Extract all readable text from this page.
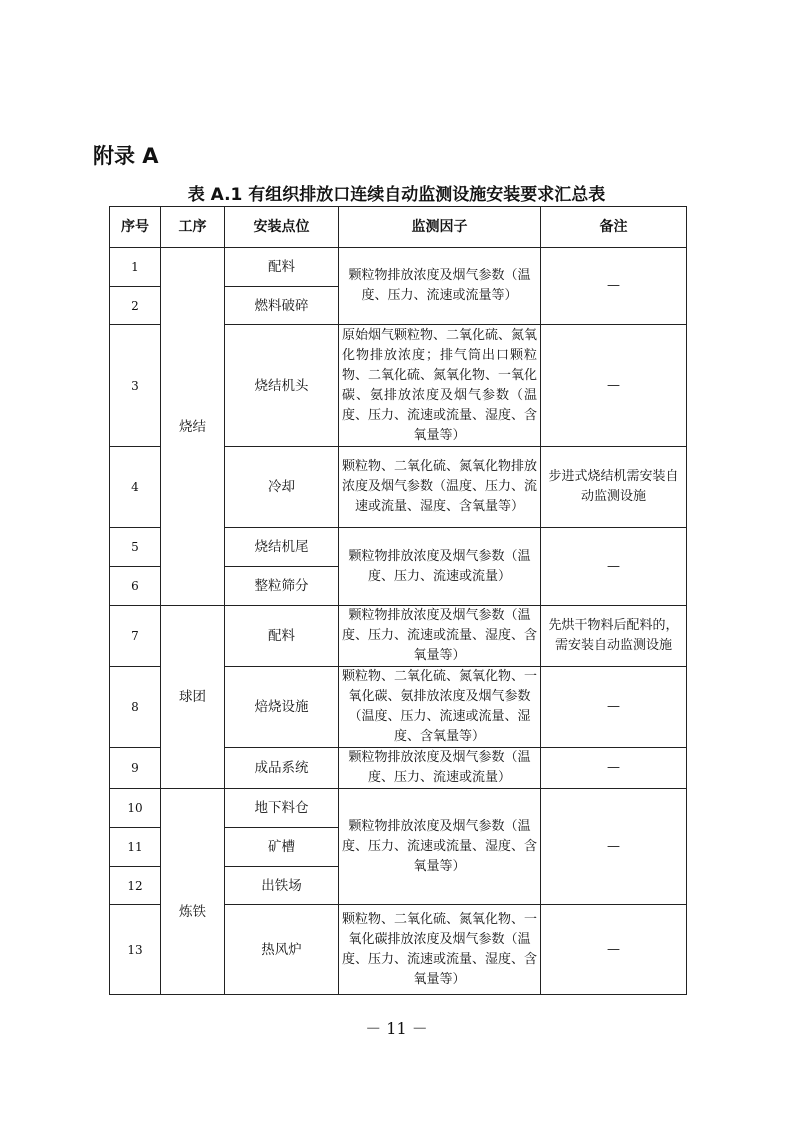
附录 A
表 A.1 有组织排放口连续自动监测设施安装要求汇总表
序号	工序	安装点位	监测因子	备注
1	烧结	配料	颗粒物排放浓度及烟气参数（温度、压力、流速或流量等）	—
2		燃料破碎		
3		烧结机头	原始烟气颗粒物、二氧化硫、氮氧化物排放浓度；排气筒出口颗粒物、二氧化硫、氮氧化物、一氧化碳、氨排放浓度及烟气参数（温度、压力、流速或流量、湿度、含氧量等）	—
4		冷却	颗粒物、二氧化硫、氮氧化物排放浓度及烟气参数（温度、压力、流速或流量、湿度、含氧量等）	步进式烧结机需安装自动监测设施
5		烧结机尾	颗粒物排放浓度及烟气参数（温度、压力、流速或流量）	—
6		整粒筛分		
7	球团	配料	颗粒物排放浓度及烟气参数（温度、压力、流速或流量、湿度、含氧量等）	先烘干物料后配料的，需安装自动监测设施
8		焙烧设施	颗粒物、二氧化硫、氮氧化物、一氧化碳、氨排放浓度及烟气参数（温度、压力、流速或流量、湿度、含氧量等）	—
9		成品系统	颗粒物排放浓度及烟气参数（温度、压力、流速或流量）	—
10	炼铁	地下料仓	颗粒物排放浓度及烟气参数（温度、压力、流速或流量、湿度、含氧量等）	—
11		矿槽		
12		出铁场		
13		热风炉	颗粒物、二氧化硫、氮氧化物、一氧化碳排放浓度及烟气参数（温度、压力、流速或流量、湿度、含氧量等）	—
－ 11 －
